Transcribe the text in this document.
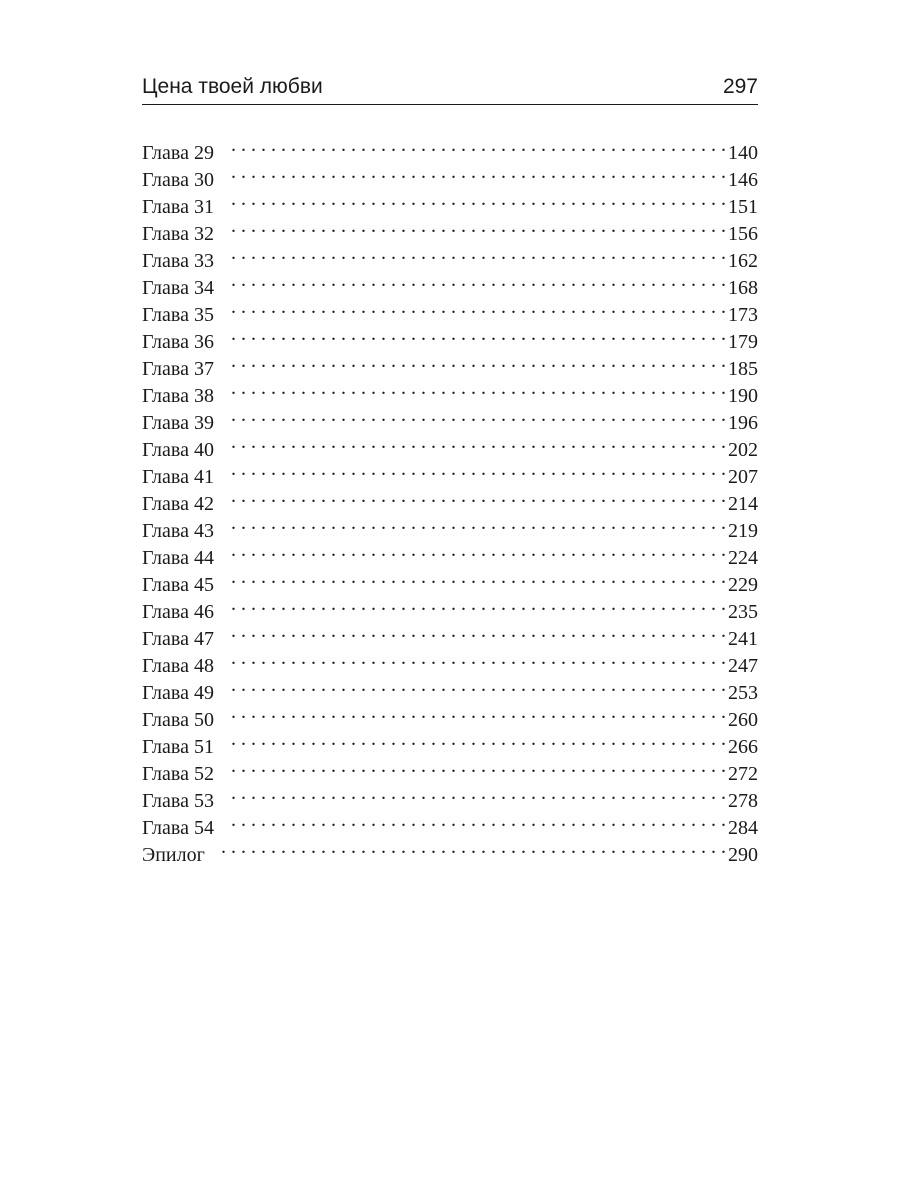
Цена твоей любви	297
Глава 29 . . .	140
Глава 30 . . .	146
Глава 31 . . .	151
Глава 32 . . .	156
Глава 33 . . .	162
Глава 34 . . .	168
Глава 35 . . .	173
Глава 36 . . .	179
Глава 37 . . .	185
Глава 38 . . .	190
Глава 39 . . .	196
Глава 40 . . .	202
Глава 41 . . .	207
Глава 42 . . .	214
Глава 43 . . .	219
Глава 44 . . .	224
Глава 45 . . .	229
Глава 46 . . .	235
Глава 47 . . .	241
Глава 48 . . .	247
Глава 49 . . .	253
Глава 50 . . .	260
Глава 51 . . .	266
Глава 52 . . .	272
Глава 53 . . .	278
Глава 54 . . .	284
Эпилог . . .	290
